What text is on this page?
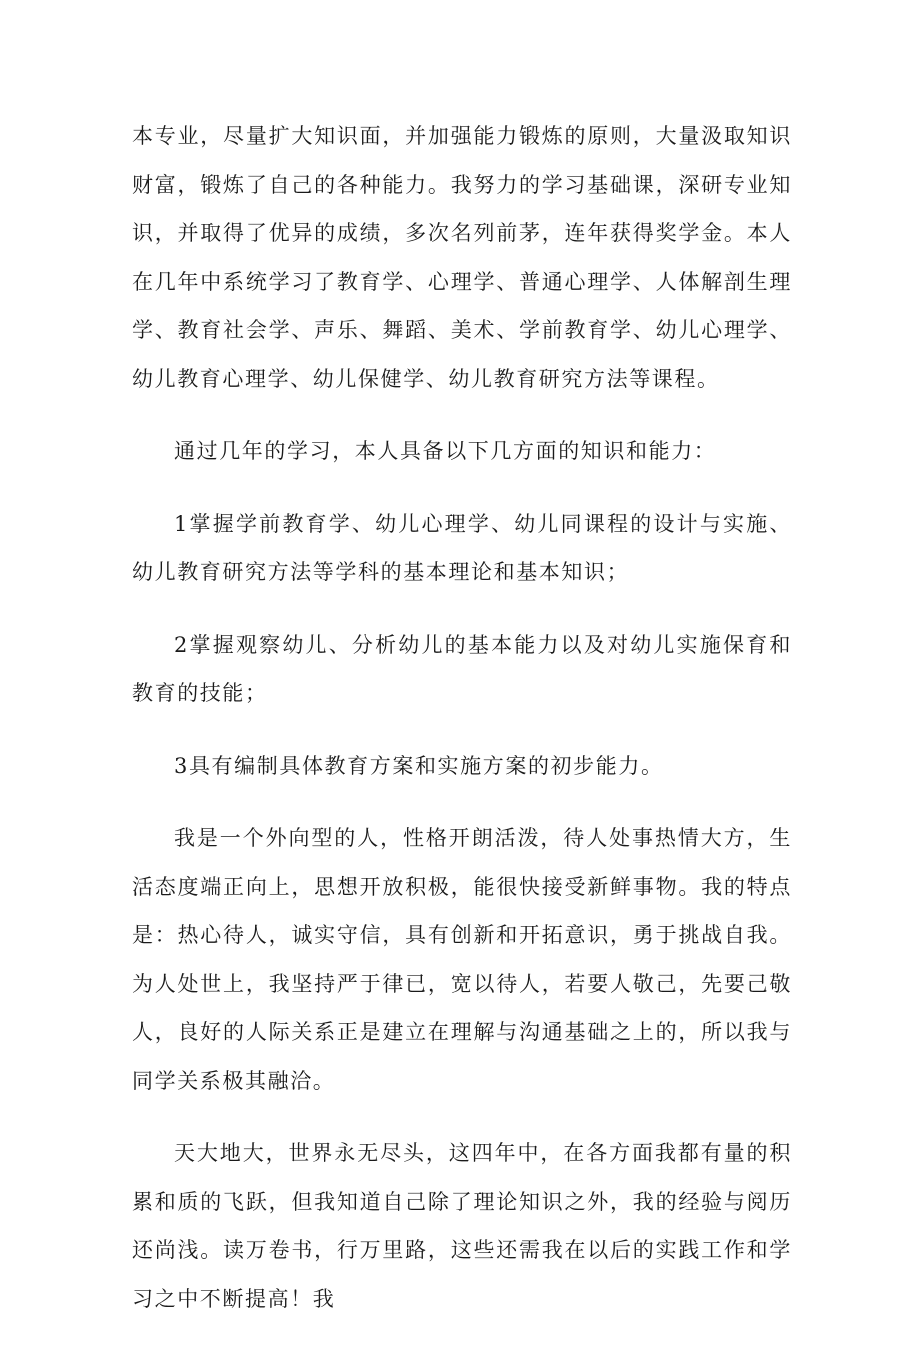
本专业，尽量扩大知识面，并加强能力锻炼的原则，大量汲取知识财富，锻炼了自己的各种能力。我努力的学习基础课，深研专业知识，并取得了优异的成绩，多次名列前茅，连年获得奖学金。本人在几年中系统学习了教育学、心理学、普通心理学、人体解剖生理学、教育社会学、声乐、舞蹈、美术、学前教育学、幼儿心理学、幼儿教育心理学、幼儿保健学、幼儿教育研究方法等课程。

通过几年的学习，本人具备以下几方面的知识和能力：

1掌握学前教育学、幼儿心理学、幼儿同课程的设计与实施、幼儿教育研究方法等学科的基本理论和基本知识；

2掌握观察幼儿、分析幼儿的基本能力以及对幼儿实施保育和教育的技能；

3具有编制具体教育方案和实施方案的初步能力。

我是一个外向型的人，性格开朗活泼，待人处事热情大方，生活态度端正向上，思想开放积极，能很快接受新鲜事物。我的特点是：热心待人，诚实守信，具有创新和开拓意识，勇于挑战自我。为人处世上，我坚持严于律已，宽以待人，若要人敬己，先要己敬人，良好的人际关系正是建立在理解与沟通基础之上的，所以我与同学关系极其融洽。

天大地大，世界永无尽头，这四年中，在各方面我都有量的积累和质的飞跃，但我知道自己除了理论知识之外，我的经验与阅历还尚浅。读万卷书，行万里路，这些还需我在以后的实践工作和学习之中不断提高！我
